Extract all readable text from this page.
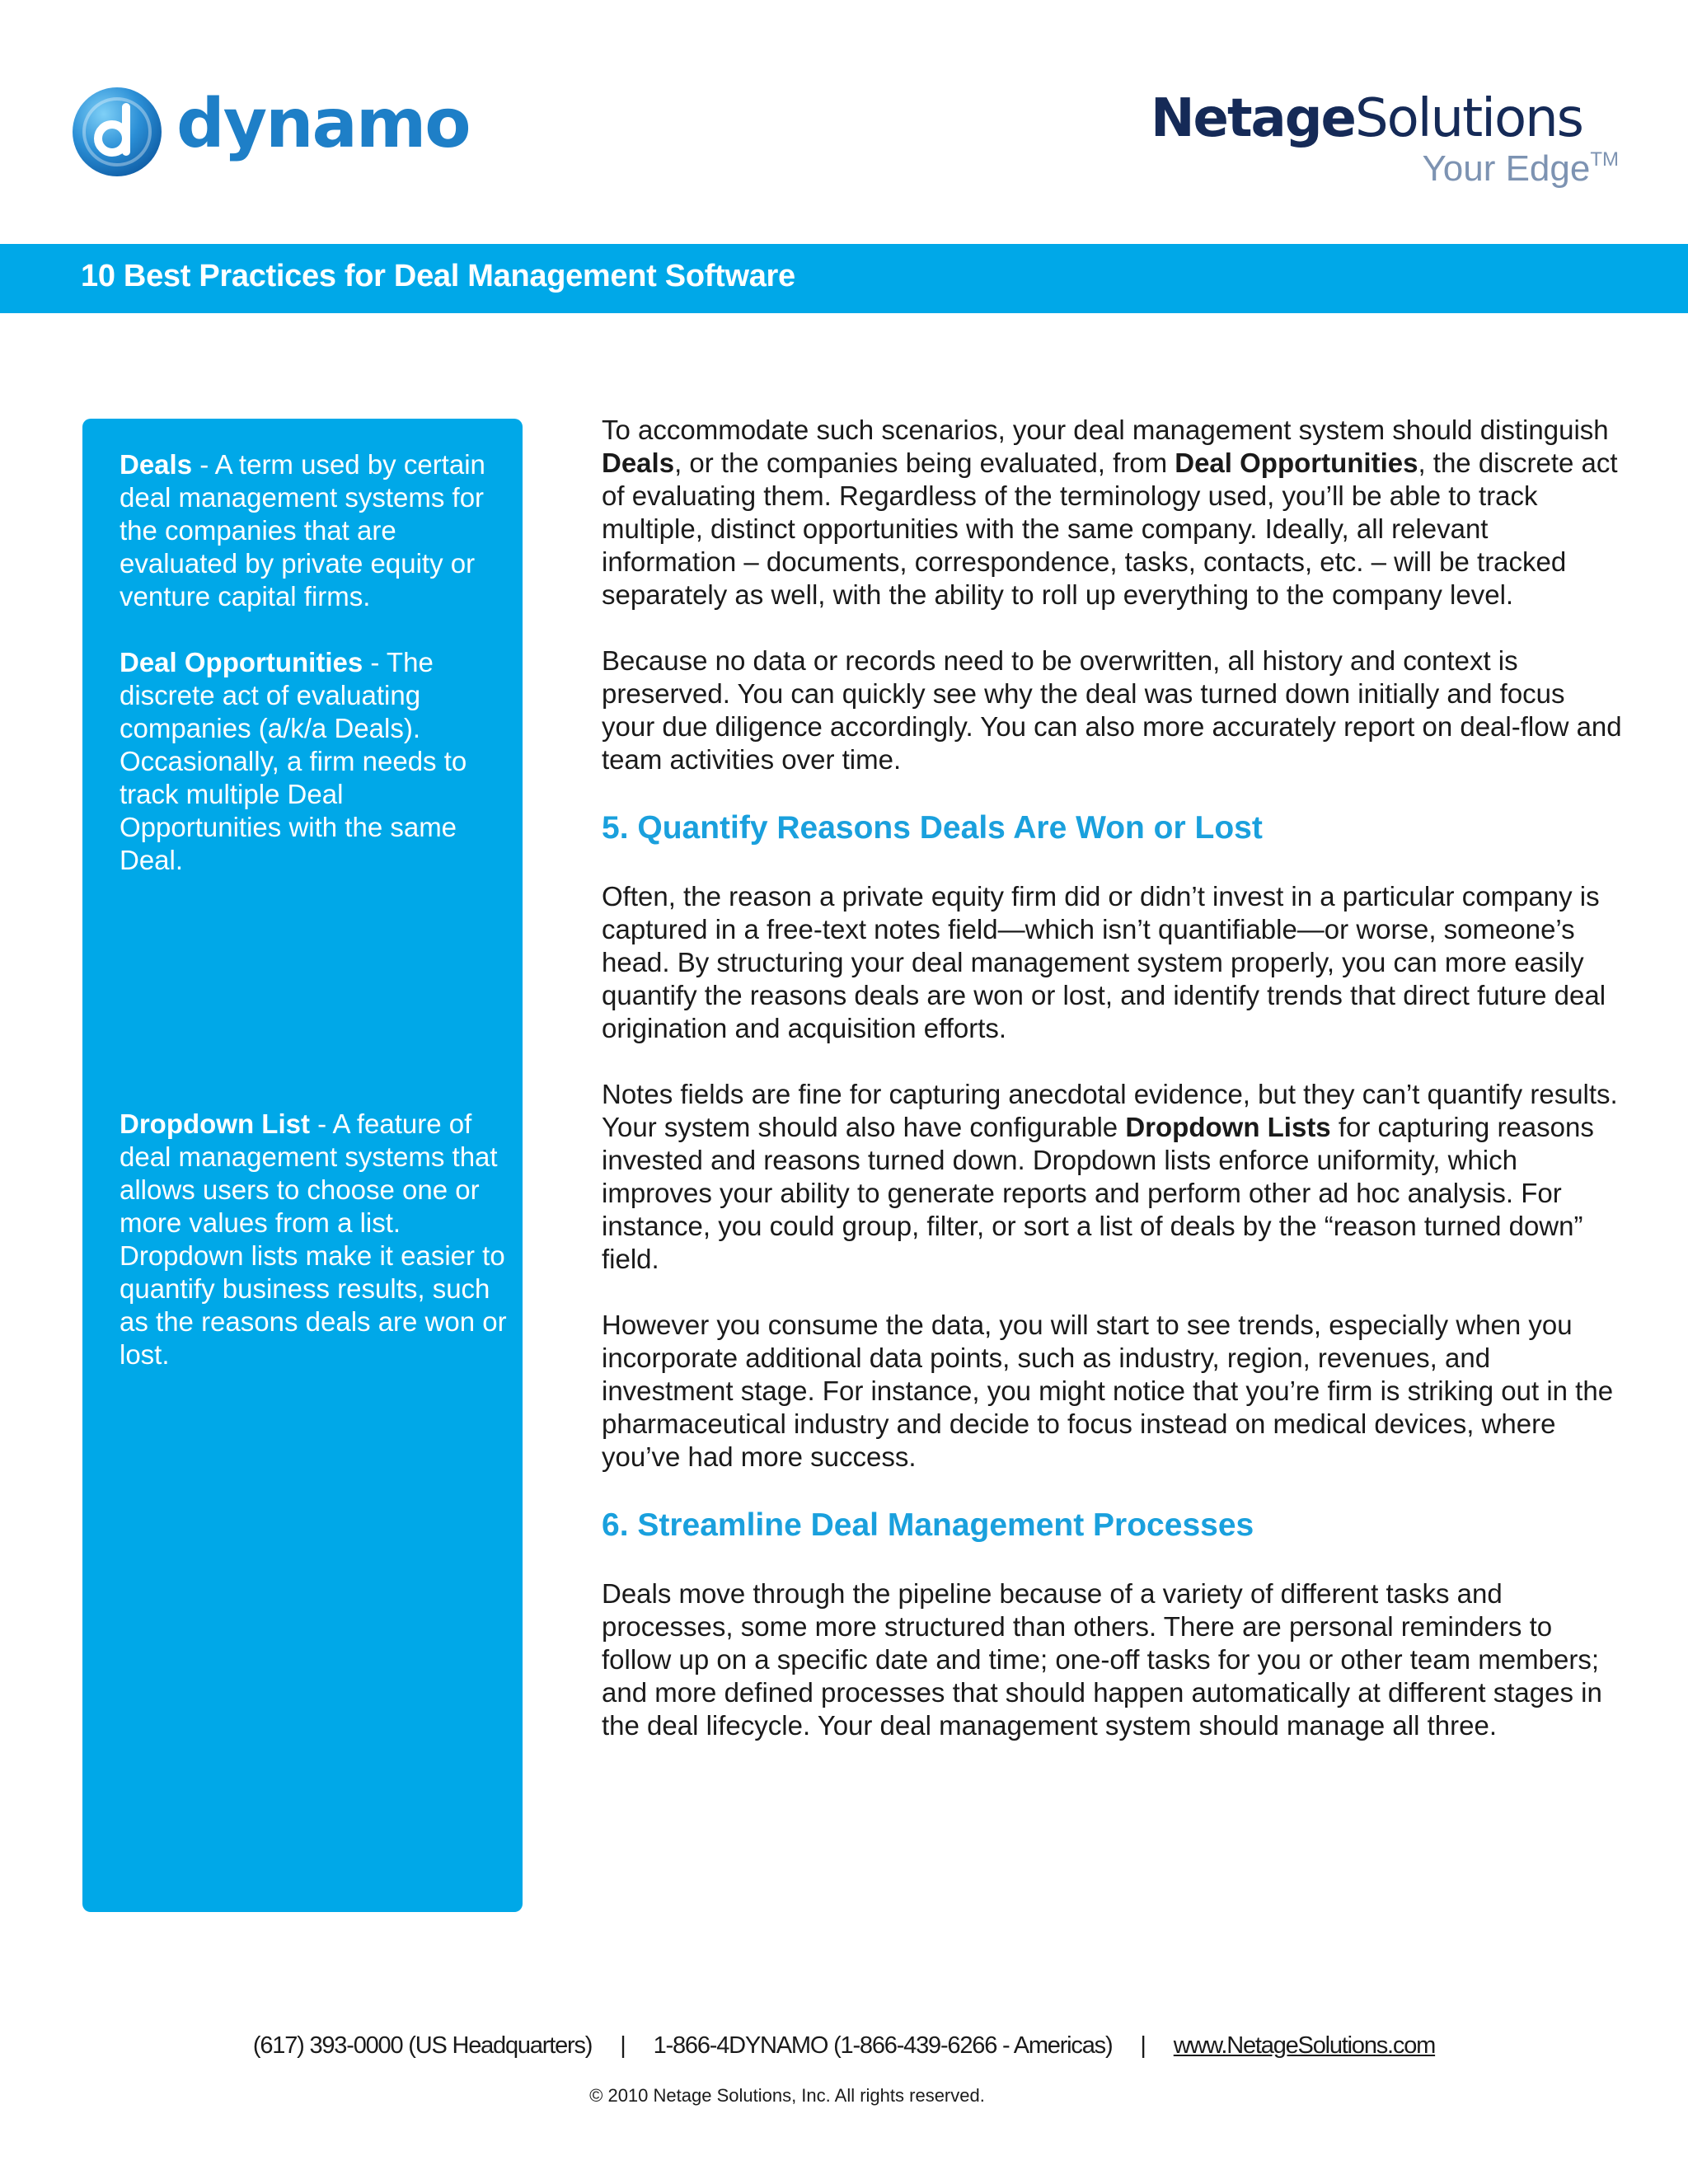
dynamo	NetageSolutions
Your Edge™
10 Best Practices for Deal Management Software
Deals - A term used by certain deal management systems for the companies that are evaluated by private equity or venture capital firms.
Deal Opportunities - The discrete act of evaluating companies (a/k/a Deals). Occasionally, a firm needs to track multiple Deal Opportunities with the same Deal.
Dropdown List - A feature of deal management systems that allows users to choose one or more values from a list. Dropdown lists make it easier to quantify business results, such as the reasons deals are won or lost.

To accommodate such scenarios, your deal management system should distinguish Deals, or the companies being evaluated, from Deal Opportunities, the discrete act of evaluating them. Regardless of the terminology used, you’ll be able to track multiple, distinct opportunities with the same company. Ideally, all relevant information – documents, correspondence, tasks, contacts, etc. – will be tracked separately as well, with the ability to roll up everything to the company level.

Because no data or records need to be overwritten, all history and context is preserved. You can quickly see why the deal was turned down initially and focus your due diligence accordingly. You can also more accurately report on deal-flow and team activities over time.

5. Quantify Reasons Deals Are Won or Lost

Often, the reason a private equity firm did or didn’t invest in a particular company is captured in a free-text notes field—which isn’t quantifiable—or worse, someone’s head. By structuring your deal management system properly, you can more easily quantify the reasons deals are won or lost, and identify trends that direct future deal origination and acquisition efforts.

Notes fields are fine for capturing anecdotal evidence, but they can’t quantify results. Your system should also have configurable Dropdown Lists for capturing reasons invested and reasons turned down. Dropdown lists enforce uniformity, which improves your ability to generate reports and perform other ad hoc analysis. For instance, you could group, filter, or sort a list of deals by the “reason turned down” field.

However you consume the data, you will start to see trends, especially when you incorporate additional data points, such as industry, region, revenues, and investment stage. For instance, you might notice that you’re firm is striking out in the pharmaceutical industry and decide to focus instead on medical devices, where you’ve had more success.

6. Streamline Deal Management Processes

Deals move through the pipeline because of a variety of different tasks and processes, some more structured than others. There are personal reminders to follow up on a specific date and time; one-off tasks for you or other team members; and more defined processes that should happen automatically at different stages in the deal lifecycle. Your deal management system should manage all three.

(617) 393-0000 (US Headquarters) | 1-866-4DYNAMO (1-866-439-6266 - Americas) | www.NetageSolutions.com
© 2010 Netage Solutions, Inc. All rights reserved.
